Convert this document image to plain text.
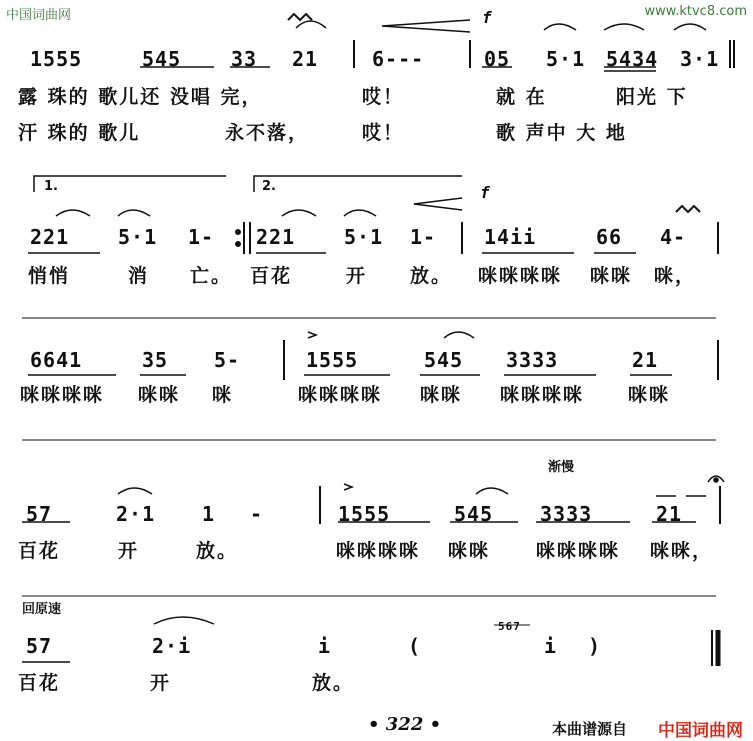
中国词曲网	www.ktvc8.com
f
1555	545 33 21	6---	05 5·1 5434 3·1
露 珠的 歌儿还 没唱 完，	哎！	就 在	阳光 下
汗 珠的 歌儿	永不落，	哎！	歌 声中 大 地
1.	2.	f
221 5·1 1- 221 5·1 1- 14ii	66 4-
悄悄	消 亡。 百花	开 放。 咪咪咪咪 咪咪 咪，
6641	35 5-	1555	545 3333	21
咪咪咪咪 咪咪 咪	咪咪咪咪 咪咪 咪咪咪咪 咪咪
渐慢
57	2·1 1 -	1555	545 3333	21
百花	开	放。	咪咪咪咪 咪咪 咪咪咪咪 咪咪，
回原速
57	2·i	i	(
567
i )
百花	开	放。
• 322 •	本曲谱源自 中国词曲网
